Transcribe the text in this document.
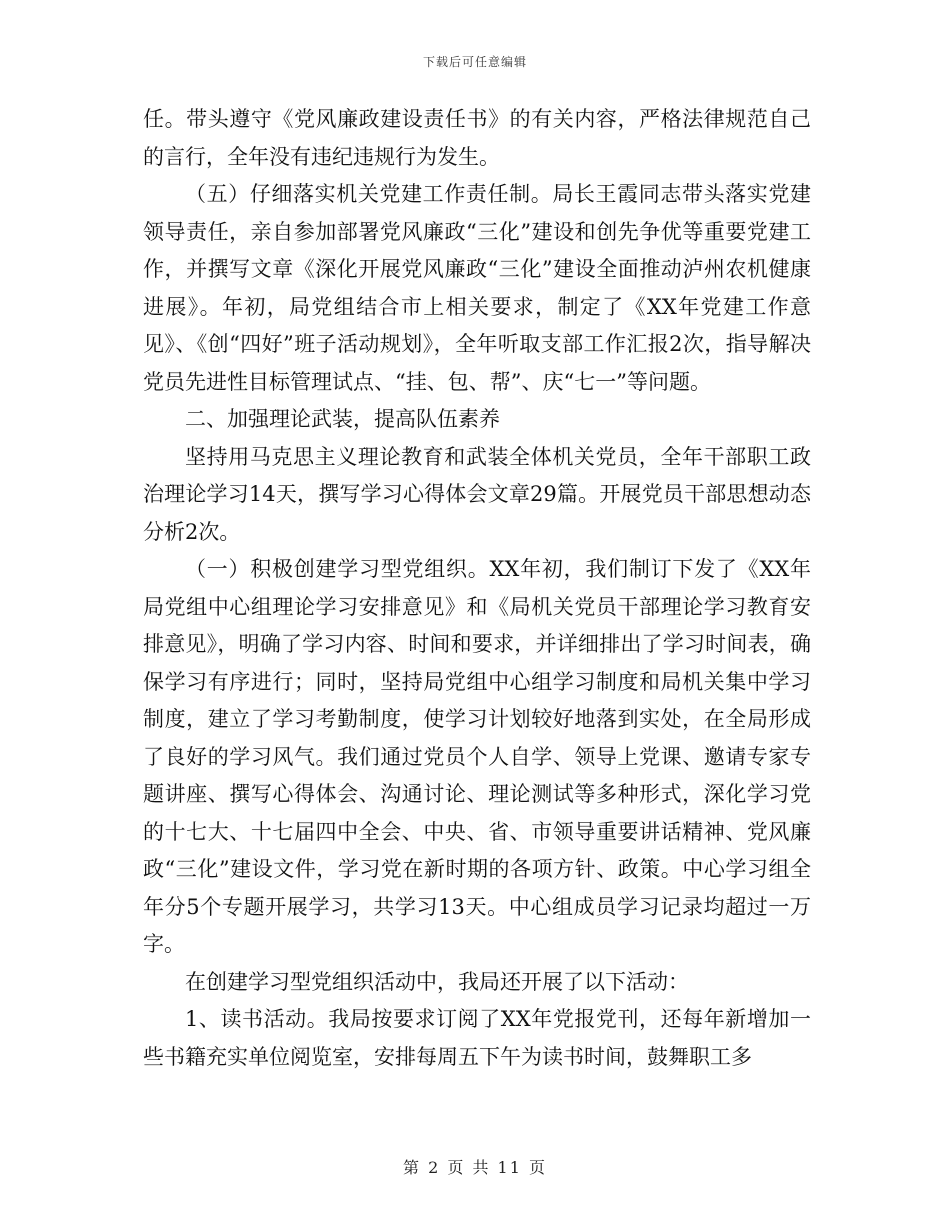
下载后可任意编辑

任。带头遵守《党风廉政建设责任书》的有关内容，严格法律规范自己的言行，全年没有违纪违规行为发生。

（五）仔细落实机关党建工作责任制。局长王霞同志带头落实党建领导责任，亲自参加部署党风廉政“三化”建设和创先争优等重要党建工作，并撰写文章《深化开展党风廉政“三化”建设全面推动泸州农机健康进展》。年初，局党组结合市上相关要求，制定了《XX年党建工作意见》、《创“四好”班子活动规划》，全年听取支部工作汇报2次，指导解决党员先进性目标管理试点、“挂、包、帮”、庆“七一”等问题。

二、加强理论武装，提高队伍素养

坚持用马克思主义理论教育和武装全体机关党员，全年干部职工政治理论学习14天，撰写学习心得体会文章29篇。开展党员干部思想动态分析2次。

（一）积极创建学习型党组织。XX年初，我们制订下发了《XX年局党组中心组理论学习安排意见》和《局机关党员干部理论学习教育安排意见》，明确了学习内容、时间和要求，并详细排出了学习时间表，确保学习有序进行；同时，坚持局党组中心组学习制度和局机关集中学习制度，建立了学习考勤制度，使学习计划较好地落到实处，在全局形成了良好的学习风气。我们通过党员个人自学、领导上党课、邀请专家专题讲座、撰写心得体会、沟通讨论、理论测试等多种形式，深化学习党的十七大、十七届四中全会、中央、省、市领导重要讲话精神、党风廉政“三化”建设文件，学习党在新时期的各项方针、政策。中心学习组全年分5个专题开展学习，共学习13天。中心组成员学习记录均超过一万字。

在创建学习型党组织活动中，我局还开展了以下活动：

1、读书活动。我局按要求订阅了XX年党报党刊，还每年新增加一些书籍充实单位阅览室，安排每周五下午为读书时间，鼓舞职工多

第 2 页 共 11 页
